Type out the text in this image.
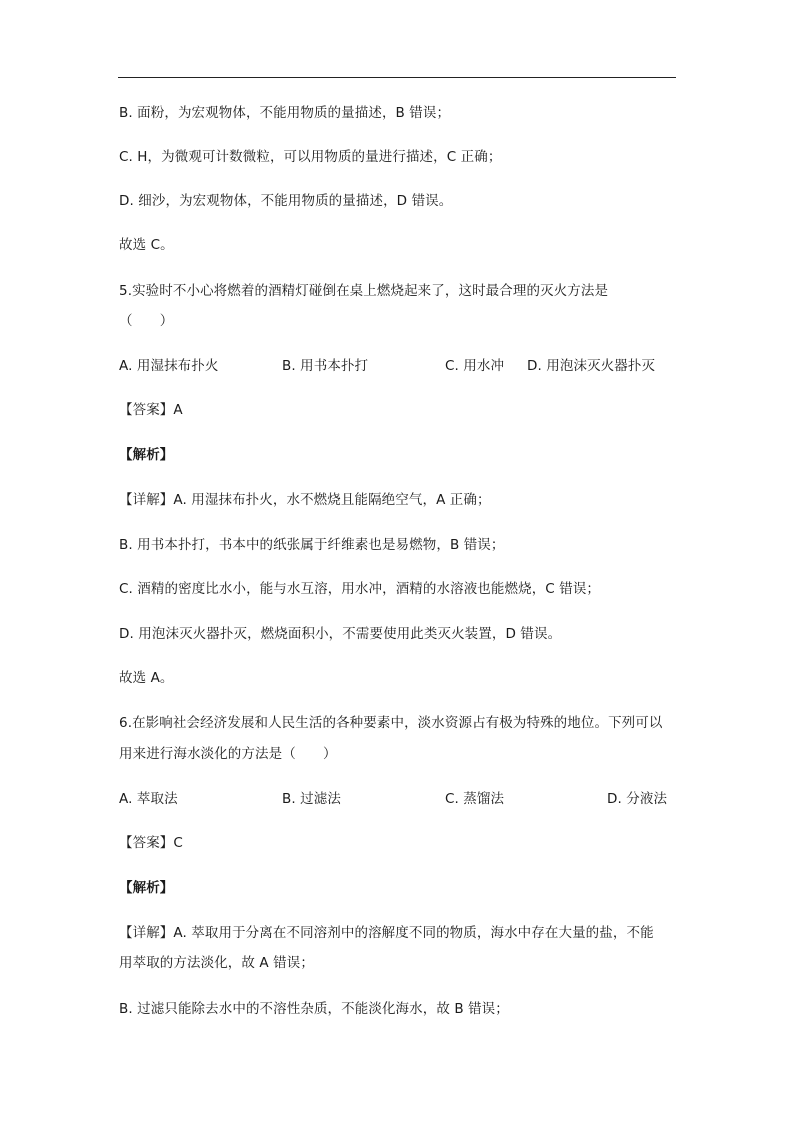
B. 面粉，为宏观物体，不能用物质的量描述，B 错误；
C. H，为微观可计数微粒，可以用物质的量进行描述，C 正确；
D. 细沙，为宏观物体，不能用物质的量描述，D 错误。
故选 C。
5.实验时不小心将燃着的酒精灯碰倒在桌上燃烧起来了，这时最合理的灭火方法是
（　　）
A. 用湿抹布扑火	B. 用书本扑打	C. 用水冲 D. 用泡沫灭火器扑灭
【答案】A
【解析】
【详解】A. 用湿抹布扑火，水不燃烧且能隔绝空气，A 正确；
B. 用书本扑打，书本中的纸张属于纤维素也是易燃物，B 错误；
C. 酒精的密度比水小，能与水互溶，用水冲，酒精的水溶液也能燃烧，C 错误；
D. 用泡沫灭火器扑灭，燃烧面积小，不需要使用此类灭火装置，D 错误。
故选 A。
6.在影响社会经济发展和人民生活的各种要素中，淡水资源占有极为特殊的地位。下列可以
用来进行海水淡化的方法是（　　）
A. 萃取法	B. 过滤法	C. 蒸馏法	D. 分液法
【答案】C
【解析】
【详解】A. 萃取用于分离在不同溶剂中的溶解度不同的物质，海水中存在大量的盐，不能
用萃取的方法淡化，故 A 错误；
B. 过滤只能除去水中的不溶性杂质，不能淡化海水，故 B 错误；
